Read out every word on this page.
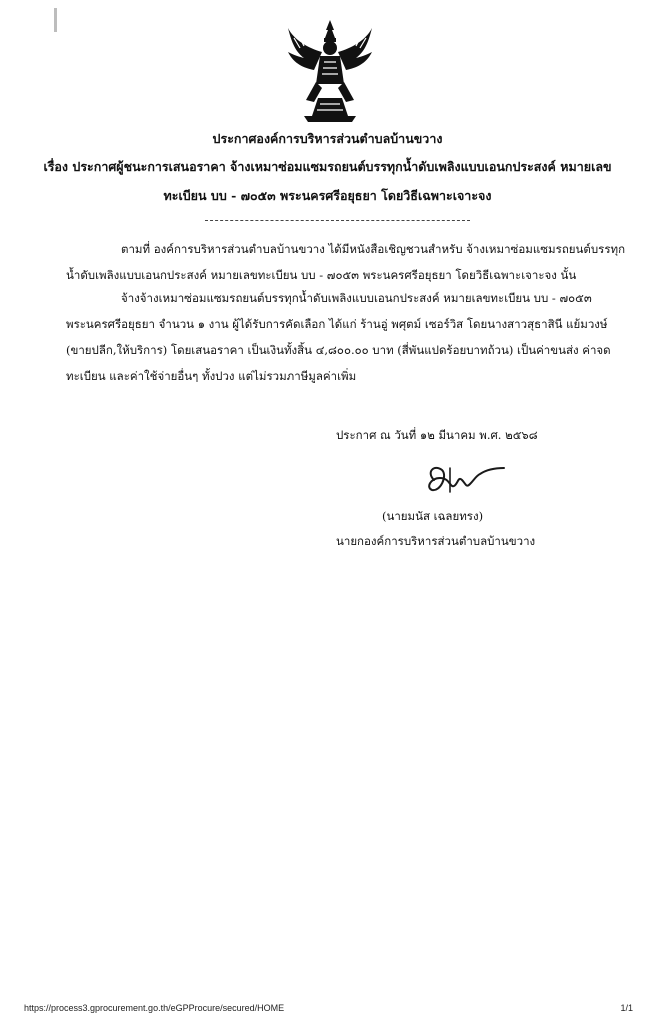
ประกาศองค์การบริหารส่วนตำบลบ้านขวาง
เรื่อง ประกาศผู้ชนะการเสนอราคา จ้างเหมาซ่อมแซมรถยนต์บรรทุกน้ำดับเพลิงแบบเอนกประสงค์ หมายเลข
ทะเบียน บบ - ๗๐๕๓ พระนครศรีอยุธยา โดยวิธีเฉพาะเจาะจง
ตามที่ องค์การบริหารส่วนตำบลบ้านขวาง ได้มีหนังสือเชิญชวนสำหรับ จ้างเหมาซ่อมแซมรถยนต์บรรทุก
น้ำดับเพลิงแบบเอนกประสงค์ หมายเลขทะเบียน บบ - ๗๐๕๓ พระนครศรีอยุธยา โดยวิธีเฉพาะเจาะจง นั้น
จ้างจ้างเหมาซ่อมแซมรถยนต์บรรทุกน้ำดับเพลิงแบบเอนกประสงค์ หมายเลขทะเบียน บบ - ๗๐๕๓
พระนครศรีอยุธยา จำนวน ๑ งาน ผู้ได้รับการคัดเลือก ได้แก่ ร้านอู่ พศุตม์ เซอร์วิส โดยนางสาวสุธาสินี แย้มวงษ์
(ขายปลีก,ให้บริการ) โดยเสนอราคา เป็นเงินทั้งสิ้น ๔,๘๐๐.๐๐ บาท (สี่พันแปดร้อยบาทถ้วน) เป็นค่าขนส่ง ค่าจด
ทะเบียน และค่าใช้จ่ายอื่นๆ ทั้งปวง แต่ไม่รวมภาษีมูลค่าเพิ่ม
ประกาศ ณ วันที่ ๑๒ มีนาคม พ.ศ. ๒๕๖๘
(นายมนัส เฉลยทรง)
นายกองค์การบริหารส่วนตำบลบ้านขวาง
https://process3.gprocurement.go.th/eGPProcure/secured/HOME	1/1
